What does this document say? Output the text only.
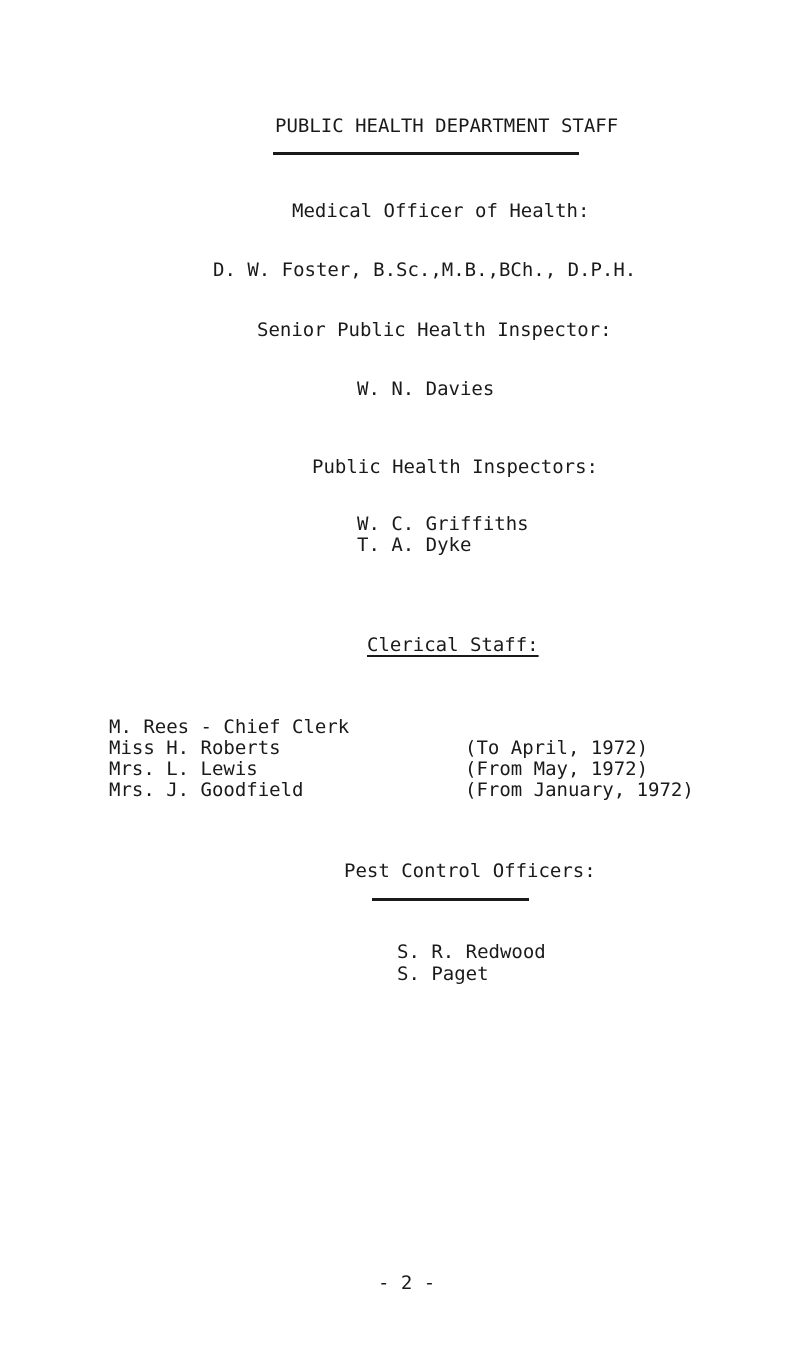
PUBLIC HEALTH DEPARTMENT STAFF
Medical Officer of Health:
D. W. Foster, B.Sc.,M.B.,BCh., D.P.H.
Senior Public Health Inspector:
W. N. Davies
Public Health Inspectors:
W. C. Griffiths
T. A. Dyke
Clerical Staff:
M. Rees - Chief Clerk
Miss H. Roberts	(To April, 1972)
Mrs. L. Lewis	(From May, 1972)
Mrs. J. Goodfield	(From January, 1972)
Pest Control Officers:
S. R. Redwood
S. Paget
- 2 -
